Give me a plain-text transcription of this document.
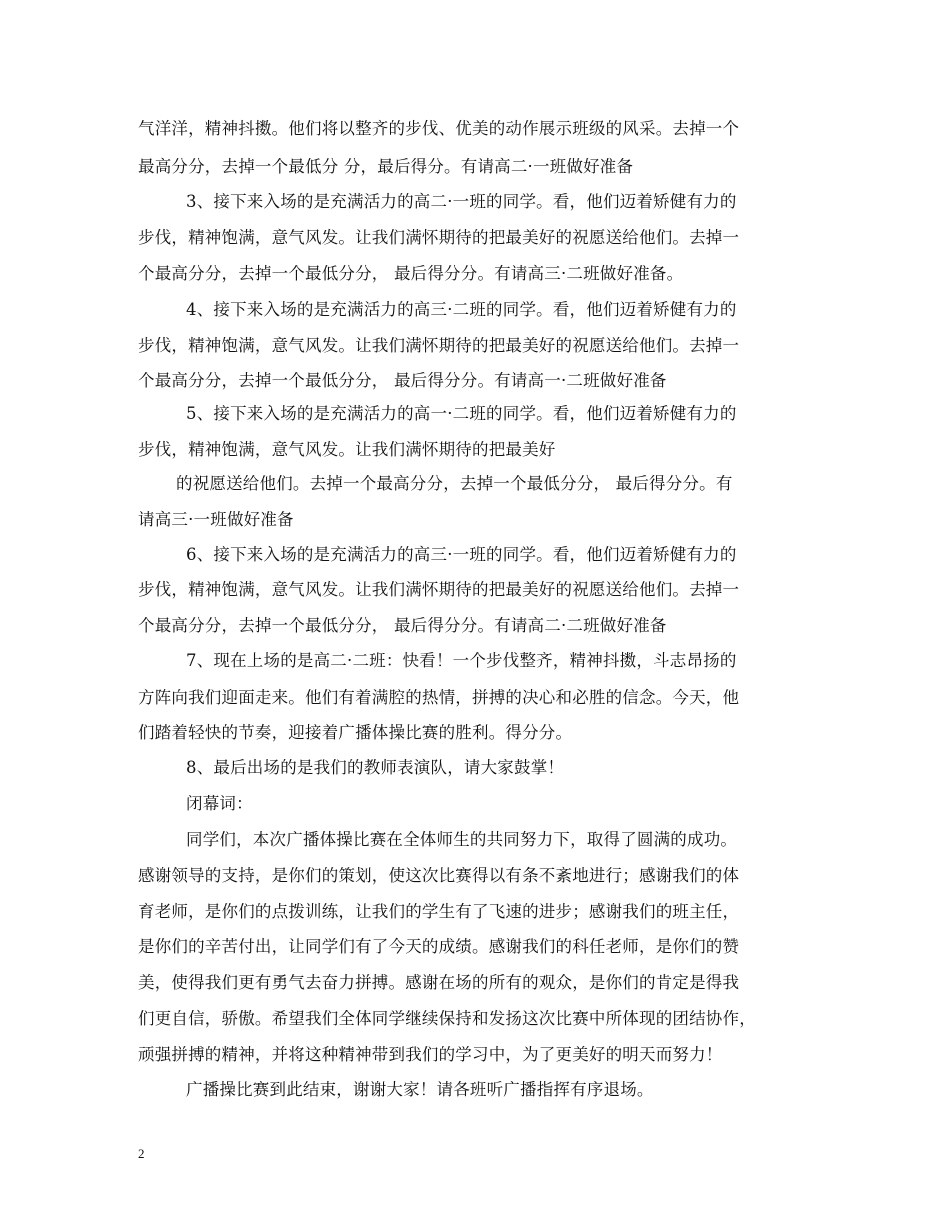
气洋洋，精神抖擞。他们将以整齐的步伐、优美的动作展示班级的风采。去掉一个
最高分分，去掉一个最低分 分，最后得分。有请高二·一班做好准备
3、接下来入场的是充满活力的高二·一班的同学。看，他们迈着矫健有力的
步伐，精神饱满，意气风发。让我们满怀期待的把最美好的祝愿送给他们。去掉一
个最高分分，去掉一个最低分分， 最后得分分。有请高三·二班做好准备。
4、接下来入场的是充满活力的高三·二班的同学。看，他们迈着矫健有力的
步伐，精神饱满，意气风发。让我们满怀期待的把最美好的祝愿送给他们。去掉一
个最高分分，去掉一个最低分分， 最后得分分。有请高一·二班做好准备
5、接下来入场的是充满活力的高一·二班的同学。看，他们迈着矫健有力的
步伐，精神饱满，意气风发。让我们满怀期待的把最美好
的祝愿送给他们。去掉一个最高分分，去掉一个最低分分， 最后得分分。有
请高三·一班做好准备
6、接下来入场的是充满活力的高三·一班的同学。看，他们迈着矫健有力的
步伐，精神饱满，意气风发。让我们满怀期待的把最美好的祝愿送给他们。去掉一
个最高分分，去掉一个最低分分， 最后得分分。有请高二·二班做好准备
7、现在上场的是高二·二班：快看！一个步伐整齐，精神抖擞，斗志昂扬的
方阵向我们迎面走来。他们有着满腔的热情，拼搏的决心和必胜的信念。今天，他
们踏着轻快的节奏，迎接着广播体操比赛的胜利。得分分。
8、最后出场的是我们的教师表演队，请大家鼓掌！
闭幕词：
同学们，本次广播体操比赛在全体师生的共同努力下，取得了圆满的成功。
感谢领导的支持，是你们的策划，使这次比赛得以有条不紊地进行；感谢我们的体
育老师，是你们的点拨训练，让我们的学生有了飞速的进步；感谢我们的班主任，
是你们的辛苦付出，让同学们有了今天的成绩。感谢我们的科任老师，是你们的赞
美，使得我们更有勇气去奋力拼搏。感谢在场的所有的观众，是你们的肯定是得我
们更自信，骄傲。希望我们全体同学继续保持和发扬这次比赛中所体现的团结协作，
顽强拼搏的精神，并将这种精神带到我们的学习中，为了更美好的明天而努力！
广播操比赛到此结束，谢谢大家！请各班听广播指挥有序退场。
2
